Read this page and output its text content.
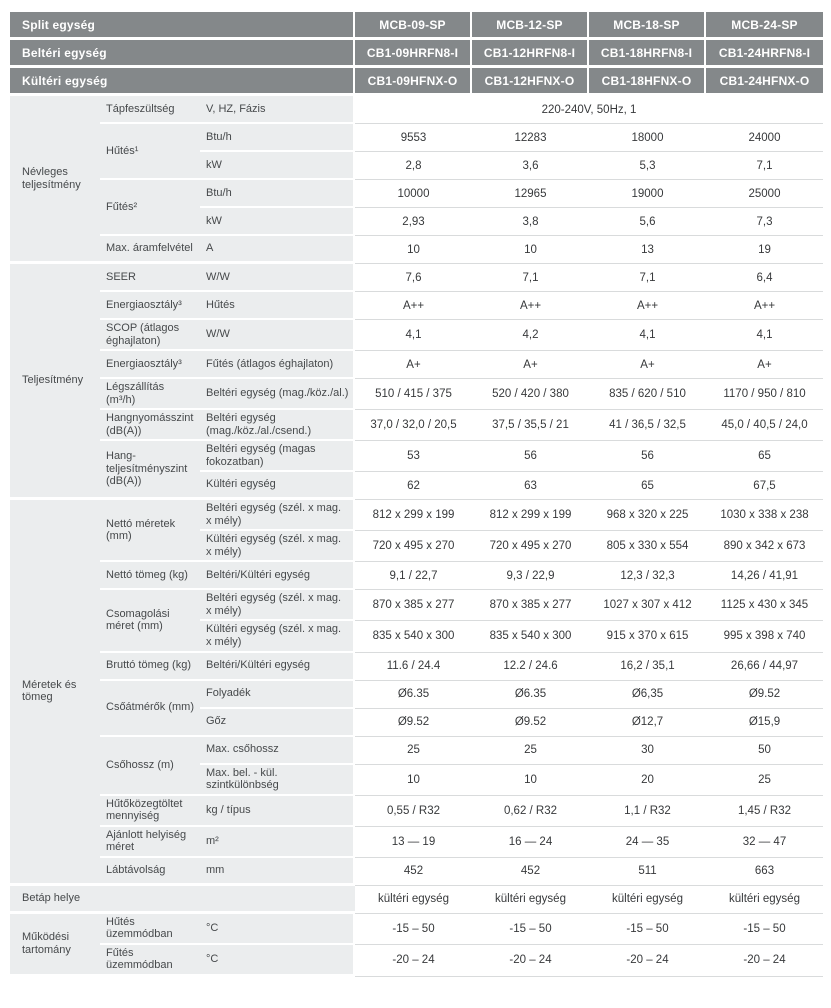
Split egység			MCB-09-SP	MCB-12-SP	MCB-18-SP	MCB-24-SP
Beltéri egység			CB1-09HRFN8-I	CB1-12HRFN8-I	CB1-18HRFN8-I	CB1-24HRFN8-I
Kültéri egység			CB1-09HFNX-O	CB1-12HFNX-O	CB1-18HFNX-O	CB1-24HFNX-O
Névleges teljesítmény	Tápfeszültség	V, HZ, Fázis	220-240V, 50Hz, 1			
	Hűtés¹	Btu/h	9553	12283	18000	24000
		kW	2,8	3,6	5,3	7,1
	Fűtés²	Btu/h	10000	12965	19000	25000
		kW	2,93	3,8	5,6	7,3
	Max. áramfelvétel	A	10	10	13	19
Teljesítmény	SEER	W/W	7,6	7,1	7,1	6,4
	Energiaosztály³	Hűtés	A++	A++	A++	A++
	SCOP (átlagos éghajlaton)	W/W	4,1	4,2	4,1	4,1
	Energiaosztály³	Fűtés (átlagos éghajlaton)	A+	A+	A+	A+
	Légszállítás (m³/h)	Beltéri egység (mag./köz./al.)	510 / 415 / 375	520 / 420 / 380	835 / 620 / 510	1170 / 950 / 810
	Hangnyomásszint (dB(A))	Beltéri egység (mag./köz./al./csend.)	37,0 / 32,0 / 20,5	37,5 / 35,5 / 21	41 / 36,5 / 32,5	45,0 / 40,5 / 24,0
	Hang-teljesítményszint (dB(A))	Beltéri egység (magas fokozatban)	53	56	56	65
		Kültéri egység	62	63	65	67,5
Méretek és tömeg	Nettó méretek (mm)	Beltéri egység (szél. x mag. x mély)	812 x 299 x 199	812 x 299 x 199	968 x 320 x 225	1030 x 338 x 238
		Kültéri egység (szél. x mag. x mély)	720 x 495 x 270	720 x 495 x 270	805 x 330 x 554	890 x 342 x 673
	Nettó tömeg (kg)	Beltéri/Kültéri egység	9,1 / 22,7	9,3 / 22,9	12,3 / 32,3	14,26 / 41,91
	Csomagolási méret (mm)	Beltéri egység (szél. x mag. x mély)	870 x 385 x 277	870 x 385 x 277	1027 x 307 x 412	1125 x 430 x 345
		Kültéri egység (szél. x mag. x mély)	835 x 540 x 300	835 x 540 x 300	915 x 370 x 615	995 x 398 x 740
	Bruttó tömeg (kg)	Beltéri/Kültéri egység	11.6 / 24.4	12.2 / 24.6	16,2 / 35,1	26,66 / 44,97
	Csőátmérők (mm)	Folyadék	Ø6.35	Ø6.35	Ø6,35	Ø9.52
		Gőz	Ø9.52	Ø9.52	Ø12,7	Ø15,9
	Csőhossz (m)	Max. csőhossz	25	25	30	50
		Max. bel. - kül. szintkülönbség	10	10	20	25
	Hűtőközegtöltet mennyiség	kg / típus	0,55 / R32	0,62 / R32	1,1 / R32	1,45 / R32
	Ajánlott helyiség méret	m²	13 — 19	16 — 24	24 — 35	32 — 47
	Lábtávolság	mm	452	452	511	663
Betáp helye			kültéri egység	kültéri egység	kültéri egység	kültéri egység
Működési tartomány	Hűtés üzemmódban	°C	-15 – 50	-15 – 50	-15 – 50	-15 – 50
	Fűtés üzemmódban	°C	-20 – 24	-20 – 24	-20 – 24	-20 – 24
